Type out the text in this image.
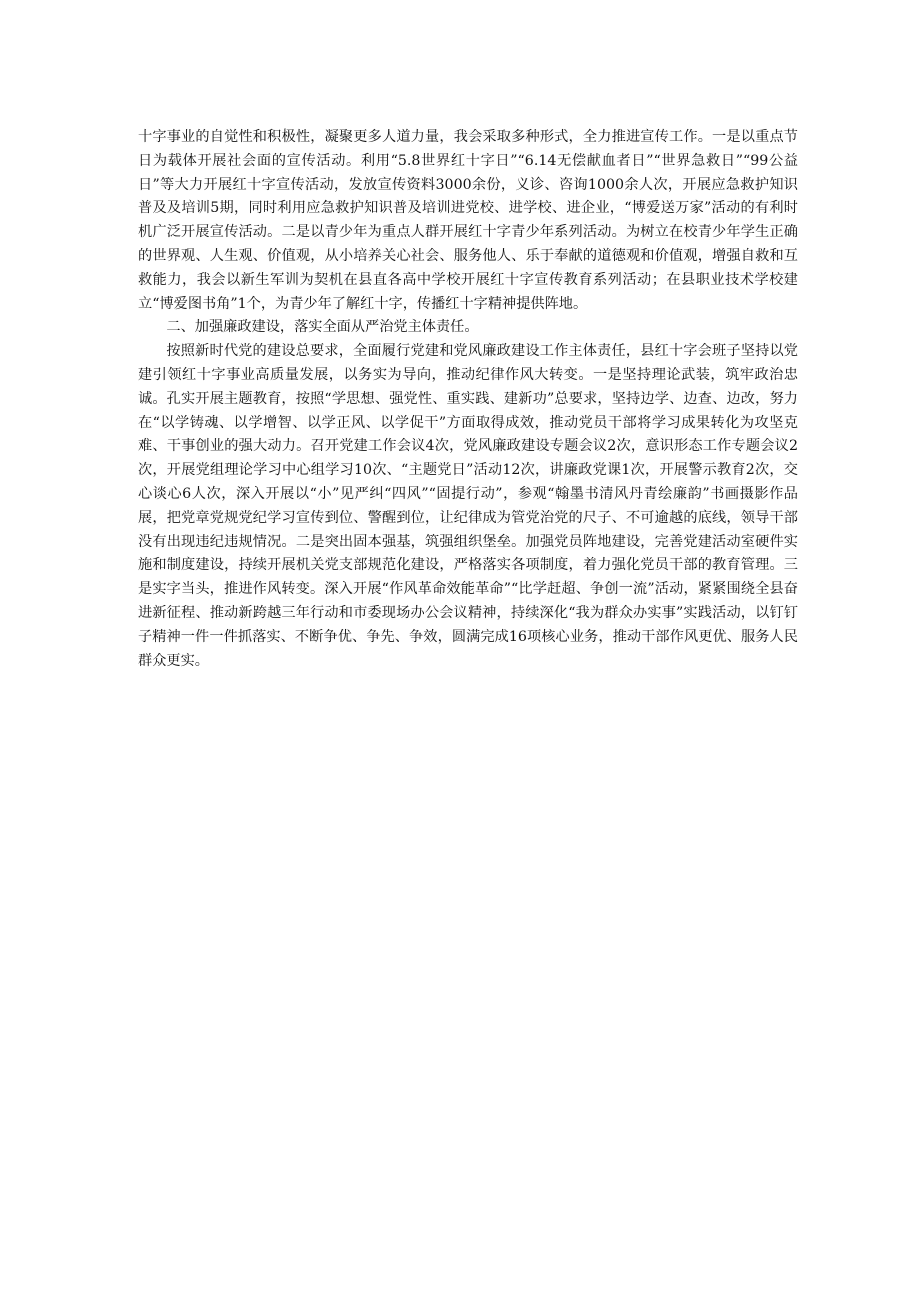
十字事业的自觉性和积极性，凝聚更多人道力量，我会采取多种形式，全力推进宣传工作。一是以重点节日为载体开展社会面的宣传活动。利用“5.8世界红十字日”“6.14无偿献血者日”“世界急救日”“99公益日”等大力开展红十字宣传活动，发放宣传资料3000余份，义诊、咨询1000余人次，开展应急救护知识普及及培训5期，同时利用应急救护知识普及培训进党校、进学校、进企业，“博爱送万家”活动的有利时机广泛开展宣传活动。二是以青少年为重点人群开展红十字青少年系列活动。为树立在校青少年学生正确的世界观、人生观、价值观，从小培养关心社会、服务他人、乐于奉献的道德观和价值观，增强自救和互救能力，我会以新生军训为契机在县直各高中学校开展红十字宣传教育系列活动；在县职业技术学校建立“博爱图书角”1个，为青少年了解红十字，传播红十字精神提供阵地。

二、加强廉政建设，落实全面从严治党主体责任。

按照新时代党的建设总要求，全面履行党建和党风廉政建设工作主体责任，县红十字会班子坚持以党建引领红十字事业高质量发展，以务实为导向，推动纪律作风大转变。一是坚持理论武装，筑牢政治忠诚。孔实开展主题教育，按照“学思想、强党性、重实践、建新功”总要求，坚持边学、边查、边改，努力在“以学铸魂、以学增智、以学正风、以学促干”方面取得成效，推动党员干部将学习成果转化为攻坚克难、干事创业的强大动力。召开党建工作会议4次，党风廉政建设专题会议2次，意识形态工作专题会议2次，开展党组理论学习中心组学习10次、“主题党日”活动12次，讲廉政党课1次，开展警示教育2次，交心谈心6人次，深入开展以“小”见严纠“四风”“固提行动”，参观“翰墨书清风丹青绘廉韵”书画摄影作品展，把党章党规党纪学习宣传到位、警醒到位，让纪律成为管党治党的尺子、不可逾越的底线，领导干部没有出现违纪违规情况。二是突出固本强基，筑强组织堡垒。加强党员阵地建设，完善党建活动室硬件实施和制度建设，持续开展机关党支部规范化建设，严格落实各项制度，着力强化党员干部的教育管理。三是实字当头，推进作风转变。深入开展“作风革命效能革命”“比学赶超、争创一流”活动，紧紧围绕全县奋进新征程、推动新跨越三年行动和市委现场办公会议精神，持续深化“我为群众办实事”实践活动，以钉钉子精神一件一件抓落实、不断争优、争先、争效，圆满完成16项核心业务，推动干部作风更优、服务人民群众更实。
